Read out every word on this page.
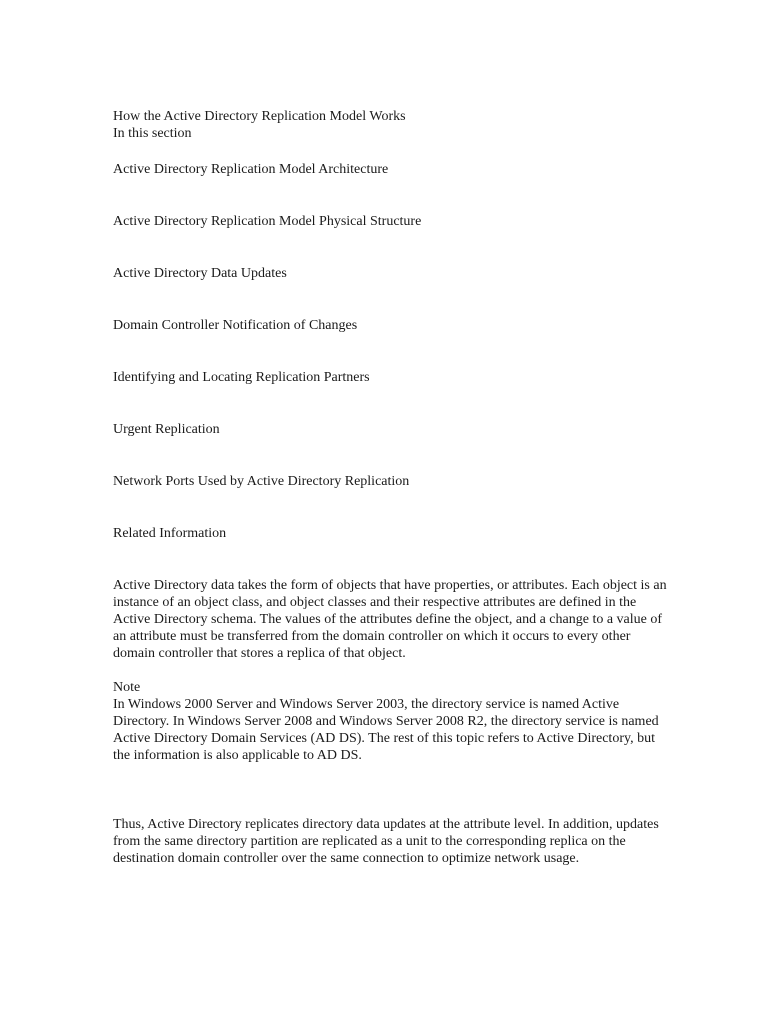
How the Active Directory Replication Model Works
In this section
Active Directory Replication Model Architecture
Active Directory Replication Model Physical Structure
Active Directory Data Updates
Domain Controller Notification of Changes
Identifying and Locating Replication Partners
Urgent Replication
Network Ports Used by Active Directory Replication
Related Information

Active Directory data takes the form of objects that have properties, or attributes. Each object is an instance of an object class, and object classes and their respective attributes are defined in the Active Directory schema. The values of the attributes define the object, and a change to a value of an attribute must be transferred from the domain controller on which it occurs to every other domain controller that stores a replica of that object.

Note

In Windows 2000 Server and Windows Server 2003, the directory service is named Active Directory. In Windows Server 2008 and Windows Server 2008 R2, the directory service is named Active Directory Domain Services (AD DS). The rest of this topic refers to Active Directory, but the information is also applicable to AD DS.

Thus, Active Directory replicates directory data updates at the attribute level. In addition, updates from the same directory partition are replicated as a unit to the corresponding replica on the destination domain controller over the same connection to optimize network usage.
